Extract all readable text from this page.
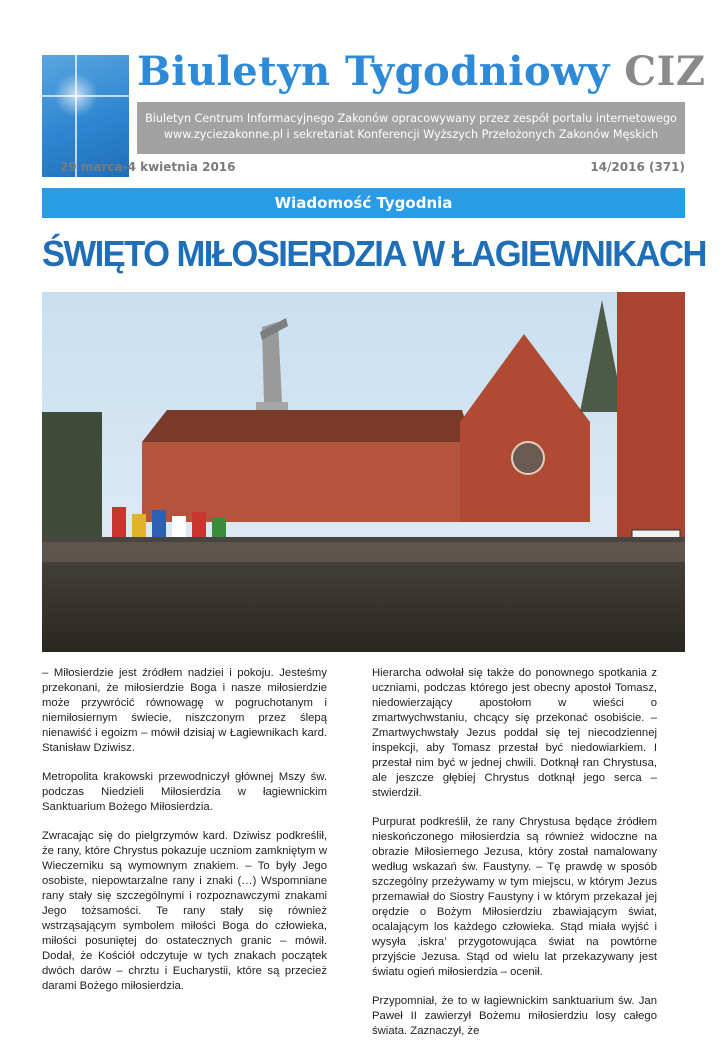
Biuletyn Tygodniowy CIZ
Biuletyn Centrum Informacyjnego Zakonów opracowywany przez zespół portalu internetowego
www.zyciezakonne.pl i sekretariat Konferencji Wyższych Przełożonych Zakonów Męskich
29 marca-4 kwietnia 2016	14/2016 (371)
Wiadomość Tygodnia
ŚWIĘTO MIŁOSIERDZIA W ŁAGIEWNIKACH

– Miłosierdzie jest źródłem nadziei i pokoju. Jesteśmy przekonani, że miłosierdzie Boga i nasze miłosierdzie może przywrócić równowagę w pogruchotanym i niemiłosiernym świecie, niszczonym przez ślepą nienawiść i egoizm – mówił dzisiaj w Łagiewnikach kard. Stanisław Dziwisz.

Metropolita krakowski przewodniczył głównej Mszy św. podczas Niedzieli Miłosierdzia w łagiewnickim Sanktuarium Bożego Miłosierdzia.

Zwracając się do pielgrzymów kard. Dziwisz podkreślił, że rany, które Chrystus pokazuje uczniom zamkniętym w Wieczerniku są wymownym znakiem. – To były Jego osobiste, niepowtarzalne rany i znaki (…) Wspomniane rany stały się szczególnymi i rozpoznawczymi znakami Jego tożsamości. Te rany stały się również wstrząsającym symbolem miłości Boga do człowieka, miłości posuniętej do ostatecznych granic – mówił. Dodał, że Kościół odczytuje w tych znakach początek dwóch darów – chrztu i Eucharystii, które są przecież darami Bożego miłosierdzia.

Hierarcha odwołał się także do ponownego spotkania z uczniami, podczas którego jest obecny apostoł Tomasz, niedowierzający apostołom w wieści o zmartwychwstaniu, chcący się przekonać osobiście. – Zmartwychwstały Jezus poddał się tej niecodziennej inspekcji, aby Tomasz przestał być niedowiarkiem. I przestał nim być w jednej chwili. Dotknął ran Chrystusa, ale jeszcze głębiej Chrystus dotknął jego serca – stwierdził.

Purpurat podkreślił, że rany Chrystusa będące źródłem nieskończonego miłosierdzia są również widoczne na obrazie Miłosiernego Jezusa, który został namalowany według wskazań św. Faustyny. – Tę prawdę w sposób szczególny przeżywamy w tym miejscu, w którym Jezus przemawiał do Siostry Faustyny i w którym przekazał jej orędzie o Bożym Miłosierdziu zbawiającym świat, ocalającym los każdego człowieka. Stąd miała wyjść i wysyła ‚iskra’ przygotowująca świat na powtórne przyjście Jezusa. Stąd od wielu lat przekazywany jest światu ogień miłosierdzia – ocenił.

Przypomniał, że to w łagiewnickim sanktuarium św. Jan Paweł II zawierzył Bożemu miłosierdziu losy całego świata. Zaznaczył, że
